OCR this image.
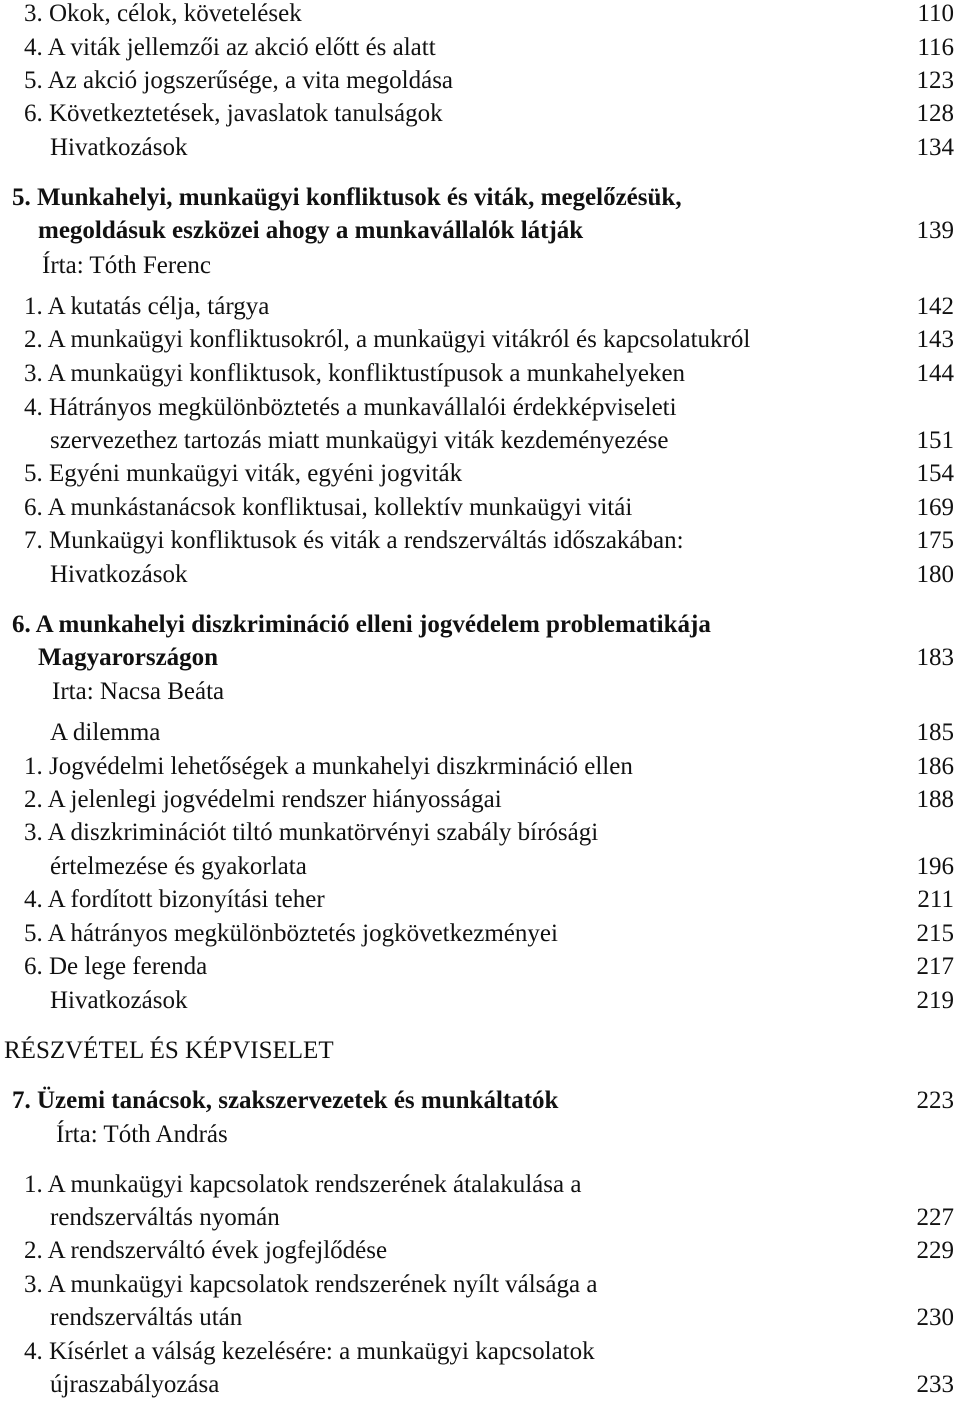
3. Okok, célok, követelések	110
4. A viták jellemzői az akció előtt és alatt	116
5. Az akció jogszerűsége, a vita megoldása	123
6. Következtetések, javaslatok tanulságok	128
Hivatkozások	134
5. Munkahelyi, munkaügyi konfliktusok és viták, megelőzésük,
megoldásuk eszközei ahogy a munkavállalók látják	139
Írta: Tóth Ferenc
1. A kutatás célja, tárgya	142
2. A munkaügyi konfliktusokról, a munkaügyi vitákról és kapcsolatukról	143
3. A munkaügyi konfliktusok, konfliktustípusok a munkahelyeken	144
4. Hátrányos megkülönböztetés a munkavállalói érdekképviseleti
szervezethez tartozás miatt munkaügyi viták kezdeményezése	151
5. Egyéni munkaügyi viták, egyéni jogviták	154
6. A munkástanácsok konfliktusai, kollektív munkaügyi vitái	169
7. Munkaügyi konfliktusok és viták a rendszerváltás időszakában:	175
Hivatkozások	180
6. A munkahelyi diszkrimináció elleni jogvédelem problematikája
Magyarországon	183
Irta: Nacsa Beáta
A dilemma	185
1. Jogvédelmi lehetőségek a munkahelyi diszkrmináció ellen	186
2. A jelenlegi jogvédelmi rendszer hiányosságai	188
3. A diszkriminációt tiltó munkatörvényi szabály bírósági
értelmezése és gyakorlata	196
4. A fordított bizonyítási teher	211
5. A hátrányos megkülönböztetés jogkövetkezményei	215
6. De lege ferenda	217
Hivatkozások	219
RÉSZVÉTEL ÉS KÉPVISELET
7. Üzemi tanácsok, szakszervezetek és munkáltatók	223
Írta: Tóth András
1. A munkaügyi kapcsolatok rendszerének átalakulása a
rendszerváltás nyomán	227
2. A rendszerváltó évek jogfejlődése	229
3. A munkaügyi kapcsolatok rendszerének nyílt válsága a
rendszerváltás után	230
4. Kísérlet a válság kezelésére: a munkaügyi kapcsolatok
újraszabályozása	233
